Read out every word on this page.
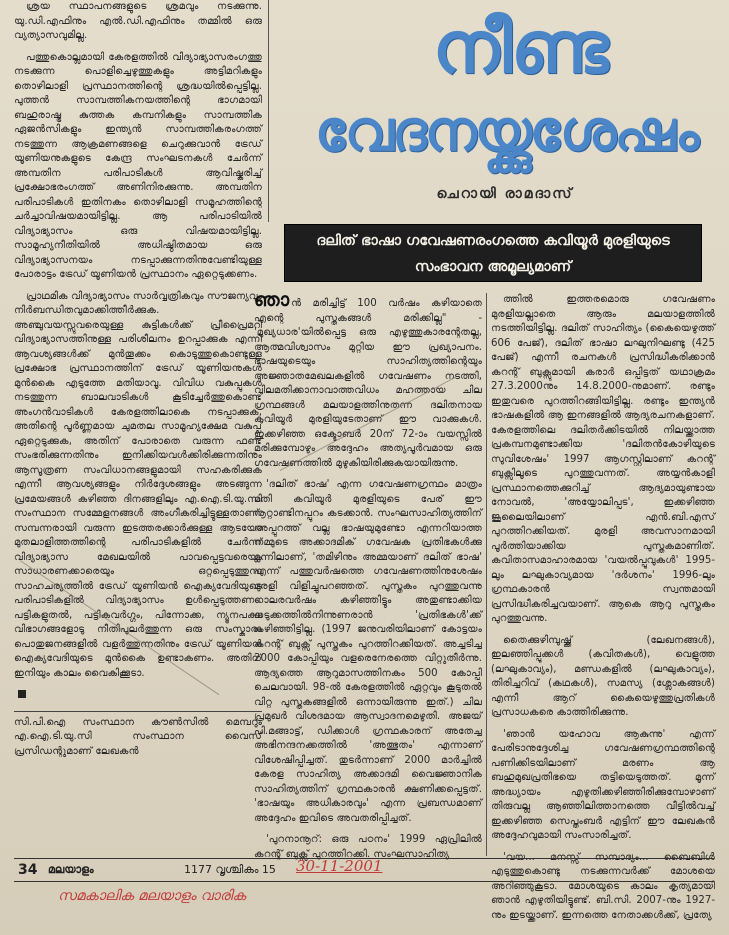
ശ്രയ സ്ഥാപനങ്ങളുടെ ശ്രമവും നടക്കുന്നു. യു.ഡി.എഫിനും എൽ.ഡി.എഫിനും തമ്മിൽ ഒരു വ്യത്യാസവുമില്ല.

പത്തുകൊല്ലമായി കേരളത്തിൽ വിദ്യാഭ്യാസരംഗത്തു നടക്കുന്ന പൊളിച്ചെഴുത്തുകളും അട്ടിമറികളും തൊഴിലാളി പ്രസ്ഥാനത്തിന്റെ ശ്രദ്ധയിൽപ്പെട്ടില്ല. പുത്തൻ സാമ്പത്തികനയത്തിന്റെ ഭാഗമായി ബഹുരാഷ്ട്ര കുത്തക കമ്പനികളും സാമ്പത്തിക ഏജൻസികളും ഇന്ത്യൻ സാമ്പത്തികരംഗത്ത് നടത്തുന്ന ആക്രമണങ്ങളെ ചെറുക്കുവാൻ ട്രേഡ് യൂണിയനുകളുടെ കേന്ദ്ര സംഘടനകൾ ചേർന്ന് അമ്പതിന പരിപാടികൾ ആവിഷ്കരിച്ച് പ്രക്ഷോഭരംഗത്ത് അണിനിരക്കുന്നു. അമ്പതിന പരിപാടികൾ ഇതിനകം തൊഴിലാളി സമൂഹത്തിന്റെ ചർച്ചാവിഷയമായിട്ടില്ല. ആ പരിപാടിയിൽ വിദ്യാഭ്യാസം ഒരു വിഷയമായിട്ടില്ല. സാമൂഹ്യനീതിയിൽ അധിഷ്ഠിതമായ ഒരു വിദ്യാഭ്യാസനയം നടപ്പാക്കുന്നതിനുവേണ്ടിയുള്ള പോരാട്ടം ട്രേഡ് യൂണിയൻ പ്രസ്ഥാനം ഏറ്റെടുക്കണം.

പ്രാഥമിക വിദ്യാഭ്യാസം സാർവ്വത്രികവും സൗജന്യവും നിർബന്ധിതവുമാക്കിത്തീർക്കുക. അഞ്ചുവയസ്സുവരെയുള്ള കുട്ടികൾക്ക് പ്രീപ്രൈമറി വിദ്യാഭ്യാസത്തിനുള്ള പരിശീലനം ഉറപ്പാക്കുക എന്നീ ആവശ്യങ്ങൾക്ക് മുൻതൂക്കം കൊടുത്തുകൊണ്ടുള്ള പ്രക്ഷോഭ പ്രസ്ഥാനത്തിന് ട്രേഡ് യൂണിയനുകൾ മുൻകൈ എടുത്തേ മതിയാവൂ. വിവിധ വകുപ്പുകൾ നടത്തുന്ന ബാലവാടികൾ കൂടിച്ചേർത്തുകൊണ്ട് അംഗൻവാടികൾ കേരളത്തിലാകെ നടപ്പാക്കുക, അതിന്റെ പൂർണ്ണമായ ചുമതല സാമൂഹ്യക്ഷേമ വകുപ്പ് ഏറ്റെടുക്കുക, അതിന് പോരാതെ വരുന്ന ഫണ്ട് സംഭരിക്കുന്നതിനും ഇനിക്കിയവൾക്കിരിക്കുന്നതിനും ആസൂത്രണ സംവിധാനങ്ങളുമായി സഹകരിക്കുക എന്നീ ആവശ്യങ്ങളും നിർദ്ദേശങ്ങളും അടങ്ങുന്ന പ്രമേയങ്ങൾ കഴിഞ്ഞ ദിനങ്ങളിലും എ.ഐ.ടി.യു.സി സംസ്ഥാന സമ്മേളനങ്ങൾ അംഗീകരിച്ചിട്ടുള്ളതാണ്. സമ്പന്നരായി വരുന്ന ഇടത്തരക്കാർക്കുള്ള ആടയോ മുതലാളിത്തത്തിന്റെ പരിപാടികളിൽ ചേർന്ന് വിദ്യാഭ്യാസ മേഖലയിൽ പാവപ്പെട്ടവരെയും സാധാരണക്കാരെയും ഒറ്റപ്പെടുത്തുന്ന സാഹചര്യത്തിൽ ട്രേഡ് യൂണിയൻ ഐക്യവേദിയുടെ പരിപാടികളിൽ വിദ്യാഭ്യാസം ഉൾപ്പെടുത്തണം. പട്ടികളുതൽ, പട്ടികവർഗ്ഗം, പിന്നോക്ക, ന്യൂനപക്ഷ വിഭാഗങ്ങളോടു നീതിപുലർത്തുന്ന ഒരു സംസ്കാരം പൊതുജനങ്ങളിൽ വളർത്തുന്നതിനും ട്രേഡ് യൂണിയൻ ഐക്യവേദിയുടെ മുൻകൈ ഉണ്ടാകണം. അതിന് ഇനിയും കാലം വൈകിക്കൂടാ.

സി.പി.ഐ സംസ്ഥാന കൗൺസിൽ മെമ്പറും എ.ഐ.ടി.യു.സി സംസ്ഥാന വൈസ് പ്രസിഡന്റുമാണ് ലേഖകൻ

നീണ്ട
വേദനയ്ക്കുശേഷം
ചെറായി രാമദാസ്
ദലിത് ഭാഷാ ഗവേഷണരംഗത്തെ കവിയൂർ മുരളിയുടെ സംഭാവന അമൂല്യമാണ്

ഞാൻ മരിച്ചിട്ട് 100 വർഷം കഴിയാതെ എന്റെ പുസ്തകങ്ങൾ മരിക്കില്ല" - 'മുഖ്യധാര'യിൽപ്പെട്ട ഒരു എഴുത്തുകാരന്റേതല്ല, ആത്മവിശ്വാസം മുറ്റിയ ഈ പ്രഖ്യാപനം. ഭാഷയുടെയും സാഹിത്യത്തിന്റെയും അജ്ഞാതമേഖലകളിൽ ഗവേഷണം നടത്തി, വിലമതിക്കാനാവാത്തവിധം മഹത്തായ ചില ഗ്രന്ഥങ്ങൾ മലയാളത്തിനുതന്ന ദലിതനായ കവിയൂർ മുരളിയുടേതാണ് ഈ വാക്കുകൾ. ഇക്കഴിഞ്ഞ ഒക്ടോബർ 20ന് 72-ാം വയസ്സിൽ മരിക്കുമ്പോഴും അദ്ദേഹം അത്യപൂർവമായ ഒരു ഗവേഷണത്തിൽ മുഴുകിയിരിക്കുകയായിരുന്നു.

'ദലിത് ഭാഷ' എന്ന ഗവേഷണഗ്രന്ഥം മാത്രം മതി കവിയൂർ മുരളിയുടെ പേര് ഈ നൂറ്റാണ്ടിനപ്പുറം കടക്കാൻ. സംഘസാഹിത്യത്തിന് അപ്പുറത്ത് വല്ല ഭാഷയുമുണ്ടോ എന്നറിയാത്ത നമ്മുടെ അക്കാദമിക് ഗവേഷക പ്രതിഭകൾക്കു മുന്നിലാണ്, 'തമിഴിനും അമ്മയാണ് ദലിത് ഭാഷ' എന്ന് പത്തുവർഷത്തെ ഗവേഷണത്തിനുശേഷം മുരളി വിളിച്ചുപറഞ്ഞത്. പുസ്തകം പുറത്തുവന്നു നാലരവർഷം കഴിഞ്ഞിട്ടും അതുണ്ടാക്കിയ നടുക്കത്തിൽനിന്നുണരാൻ 'പ്രതിഭകൾ'ക്ക് കഴിഞ്ഞിട്ടില്ല. (1997 ജനുവരിയിലാണ് കോട്ടയം കറന്റ് ബുക്സ് പുസ്തകം പുറത്തിറക്കിയത്. അച്ചടിച്ച 2000 കോപ്പിയും വളരെനേരത്തെ വിറ്റുതീർന്നു. ആദ്യത്തെ ആറുമാസത്തിനകം 500 കോപ്പി ചെലവായി. 98-ൽ കേരളത്തിൽ ഏറ്റവും കൂടുതൽ വിറ്റ പുസ്തകങ്ങളിൽ ഒന്നായിരുന്നു ഇത്.) ചില പ്രമുഖർ വിശദമായ ആസ്വാദനമെഴുതി. അജയ് പി.മങ്ങാട്ട്, ഡിക്കാൾ ഗ്രന്ഥകാരന് അതേച്ച അഭിനന്ദനക്കത്തിൽ 'അത്ഭുതം' എന്നാണ് വിശേഷിപ്പിച്ചത്. തുടർന്നാണ് 2000 മാർച്ചിൽ കേരള സാഹിത്യ അക്കാദമി വൈജ്ഞാനിക സാഹിത്യത്തിന് ഗ്രന്ഥകാരൻ ക്ഷണിക്കപ്പെട്ടത്. 'ഭാഷയും അധികാരവും' എന്ന പ്രബന്ധമാണ് അദ്ദേഹം ഇവിടെ അവതരിപ്പിച്ചത്.

'പുറനാനൂറ്: ഒരു പഠനം' 1999 ഏപ്രിലിൽ കറന്റ് ബുക്സ് പുറത്തിറക്കി. സംഘസാഹിത്യ

ത്തിൽ ഇത്തരമൊരു ഗവേഷണം മുരളിയല്ലാതെ ആരും മലയാളത്തിൽ നടത്തിയിട്ടില്ല. ദലിത് സാഹിത്യം (കൈയെഴുത്ത് 606 പേജ്), ദലിത് ഭാഷാ ലഘുനിഘണ്ടു (425 പേജ്) എന്നീ രചനകൾ പ്രസിദ്ധീകരിക്കാൻ കറന്റ് ബുക്സുമായി കരാർ ഒപ്പിട്ടത് യഥാക്രമം 27.3.2000നും 14.8.2000-നുമാണ്. രണ്ടും ഇതുവരെ പുറത്തിറങ്ങിയിട്ടില്ല. രണ്ടും ഇന്ത്യൻ ഭാഷകളിൽ ആ ഇനങ്ങളിൽ ആദ്യരചനകളാണ്. കേരളത്തിലെ ദലിതർക്കിടയിൽ നിലയ്ക്കാത്ത പ്രകമ്പനമുണ്ടാക്കിയ 'ദലിതൻകോഴിയുടെ സുവിശേഷം' 1997 ആഗസ്റ്റിലാണ് കറന്റ് ബുക്സിലൂടെ പുറത്തുവന്നത്. അയ്യൻകാളി പ്രസ്ഥാനത്തെക്കുറിച്ച് ആദ്യമായുണ്ടായ നോവൽ, 'അയ്യോലിപ്പട', ഇക്കഴിഞ്ഞ ജൂലൈയിലാണ് എൻ.ബി.എസ് പുറത്തിറക്കിയത്. മുരളി അവസാനമായി പൂർത്തിയാക്കിയ പുസ്തകമാണിത്. കവിതാസമാഹാരമായ 'വയൽപ്പൂവുകൾ' 1995-ലും ലഘുകാവ്യമായ 'ദർശനം' 1996-ലും ഗ്രന്ഥകാരൻ സ്വന്തമായി പ്രസിദ്ധീകരിച്ചവയാണ്. ആകെ ആറു പുസ്തകം പുറത്തുവന്നു.

തൈക്കുഴിമ്പുഷ്ക്ക് (ലേഖനങ്ങൾ), ഇലഞ്ഞിപ്പൂക്കൾ (കവിതകൾ), വെളുത്ത (ലഘുകാവ്യം), മണ്ഡകളിൽ (ലഘുകാവ്യം), തിരിച്ചറിവ് (കഥകൾ), സമസ്യ (ശ്ലോകങ്ങൾ) എന്നീ ആറ് കൈയെഴുത്തുപ്രതികൾ പ്രസാധകരെ കാത്തിരിക്കുന്നു.

'ഞാൻ യഹോവ ആകുന്നു' എന്ന് പേരിടാനുദ്ദേശിച്ച ഗവേഷണഗ്രന്ഥത്തിന്റെ പണിക്കിടയിലാണ് മരണം ആ ബഹുമുഖപ്രതിഭയെ തട്ടിയെടുത്തത്. മൂന്ന് അദ്ധ്യായം എഴുതിക്കഴിഞ്ഞിരിക്കുമ്പോഴാണ് തിരുവല്ല ആഞ്ഞിലിത്താനത്തെ വീട്ടിൽവച്ച് ഇക്കഴിഞ്ഞ സെപ്തംബർ എട്ടിന് ഈ ലേഖകൻ അദ്ദേഹവുമായി സംസാരിച്ചത്.

'വയ... മനസ്സ് സമ്പാദ്യം... ബൈബിൾ എടുത്തുകൊണ്ടു നടക്കുന്നവർക്ക് മോശയെ അറിഞ്ഞുകൂടാ. മോശയുടെ കാലം കൃത്യമായി ഞാൻ എഴുതിയിട്ടുണ്ട്. ബി.സി. 2007-നും 1927-നും ഇടയ്ക്കാണ്. ഇന്നത്തെ നേതാക്കൾക്ക്, പ്രത്യേ

34 മലയാളം	1177 വൃശ്ചികം 15 30-11-2001
സമകാലിക മലയാളം വാരിക
